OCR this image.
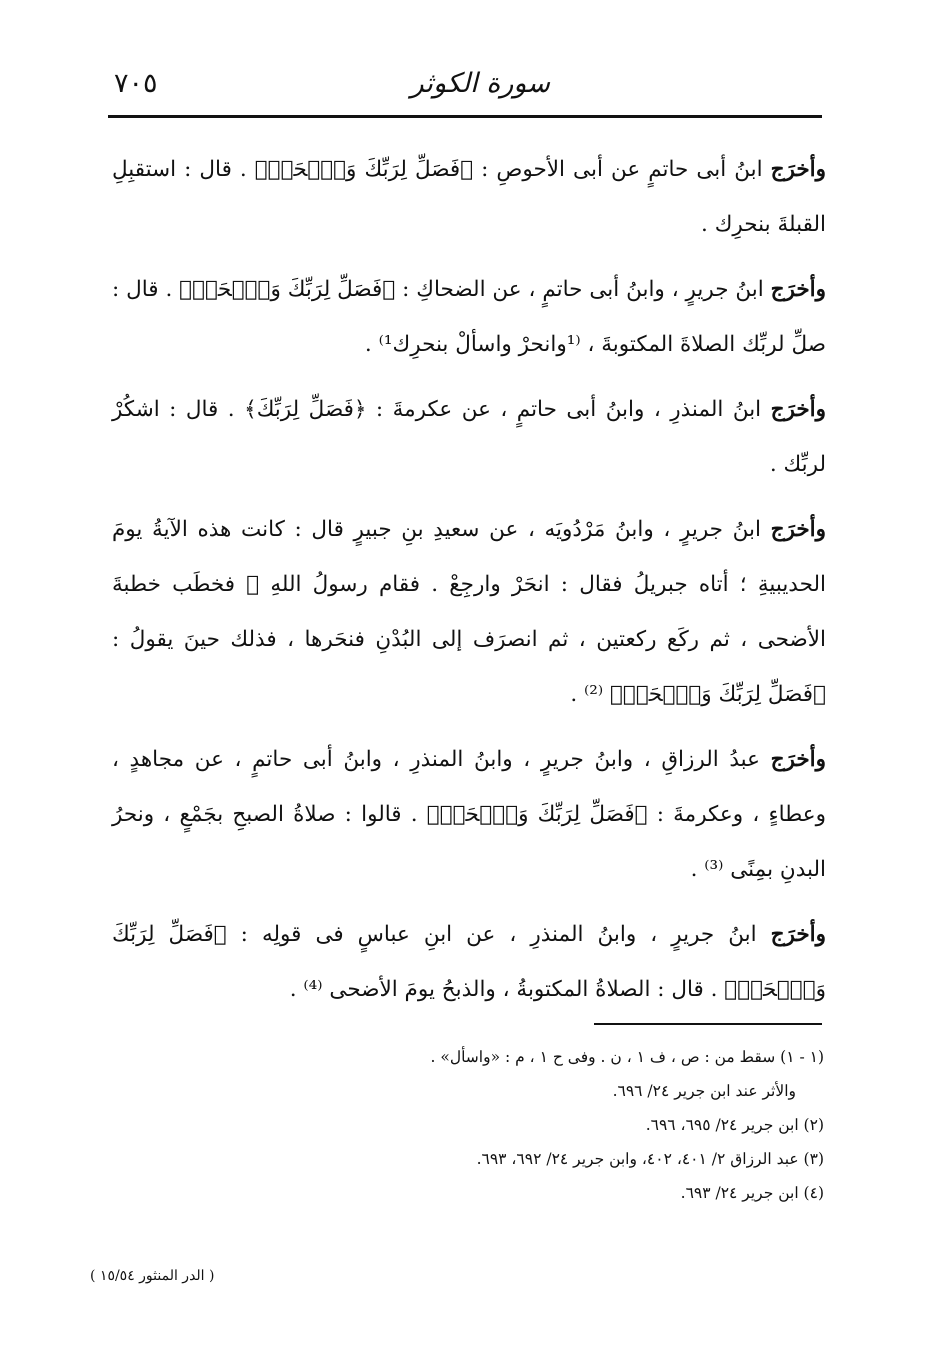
سورة الكوثر
٧٠٥

وأخرَج ابنُ أبى حاتمٍ عن أبى الأحوصِ : ﴿فَصَلِّ لِرَبِّكَ وَٱنۡحَرۡ﴾ . قال : استقبِلِ القبلةَ بنحرِك .

وأخرَج ابنُ جريرٍ ، وابنُ أبى حاتمٍ ، عن الضحاكِ : ﴿فَصَلِّ لِرَبِّكَ وَٱنۡحَرۡ﴾ . قال : صلِّ لربِّك الصلاةَ المكتوبةَ ، ⁽¹وانحرْ واسألْ بنحرِك¹⁾ .

وأخرَج ابنُ المنذرِ ، وابنُ أبى حاتمٍ ، عن عكرمةَ : ﴿فَصَلِّ لِرَبِّكَ﴾ . قال : اشكُرْ لربِّك .

وأخرَج ابنُ جريرٍ ، وابنُ مَرْدُويَه ، عن سعيدِ بنِ جبيرٍ قال : كانت هذه الآيةُ يومَ الحديبيةِ ؛ أتاه جبريلُ فقال : انحَرْ وارجِعْ . فقام رسولُ اللهِ ﷺ فخطَب خطبةَ الأضحى ، ثم ركَع ركعتين ، ثم انصرَف إلى البُدْنِ فنحَرها ، فذلك حينَ يقولُ : ﴿فَصَلِّ لِرَبِّكَ وَٱنۡحَرۡ﴾ ⁽²⁾ .

وأخرَج عبدُ الرزاقِ ، وابنُ جريرٍ ، وابنُ المنذرِ ، وابنُ أبى حاتمٍ ، عن مجاهدٍ ، وعطاءٍ ، وعكرمةَ : ﴿فَصَلِّ لِرَبِّكَ وَٱنۡحَرۡ﴾ . قالوا : صلاةُ الصبحِ بجَمْعٍ ، ونحرُ البدنِ بمِنًى ⁽³⁾ .

وأخرَج ابنُ جريرٍ ، وابنُ المنذرِ ، عن ابنِ عباسٍ فى قولِه : ﴿فَصَلِّ لِرَبِّكَ وَٱنۡحَرۡ﴾ . قال : الصلاةُ المكتوبةُ ، والذبحُ يومَ الأضحى ⁽⁴⁾ .

(١ - ١) سقط من : ص ، ف ١ ، ن . وفى ح ١ ، م : «واسأل» .

والأثر عند ابن جرير ٢٤/ ٦٩٦.

(٢) ابن جرير ٢٤/ ٦٩٥، ٦٩٦.

(٣) عبد الرزاق ٢/ ٤٠١، ٤٠٢، وابن جرير ٢٤/ ٦٩٢، ٦٩٣.

(٤) ابن جرير ٢٤/ ٦٩٣.

( الدر المنثور ١٥/٥٤ )
